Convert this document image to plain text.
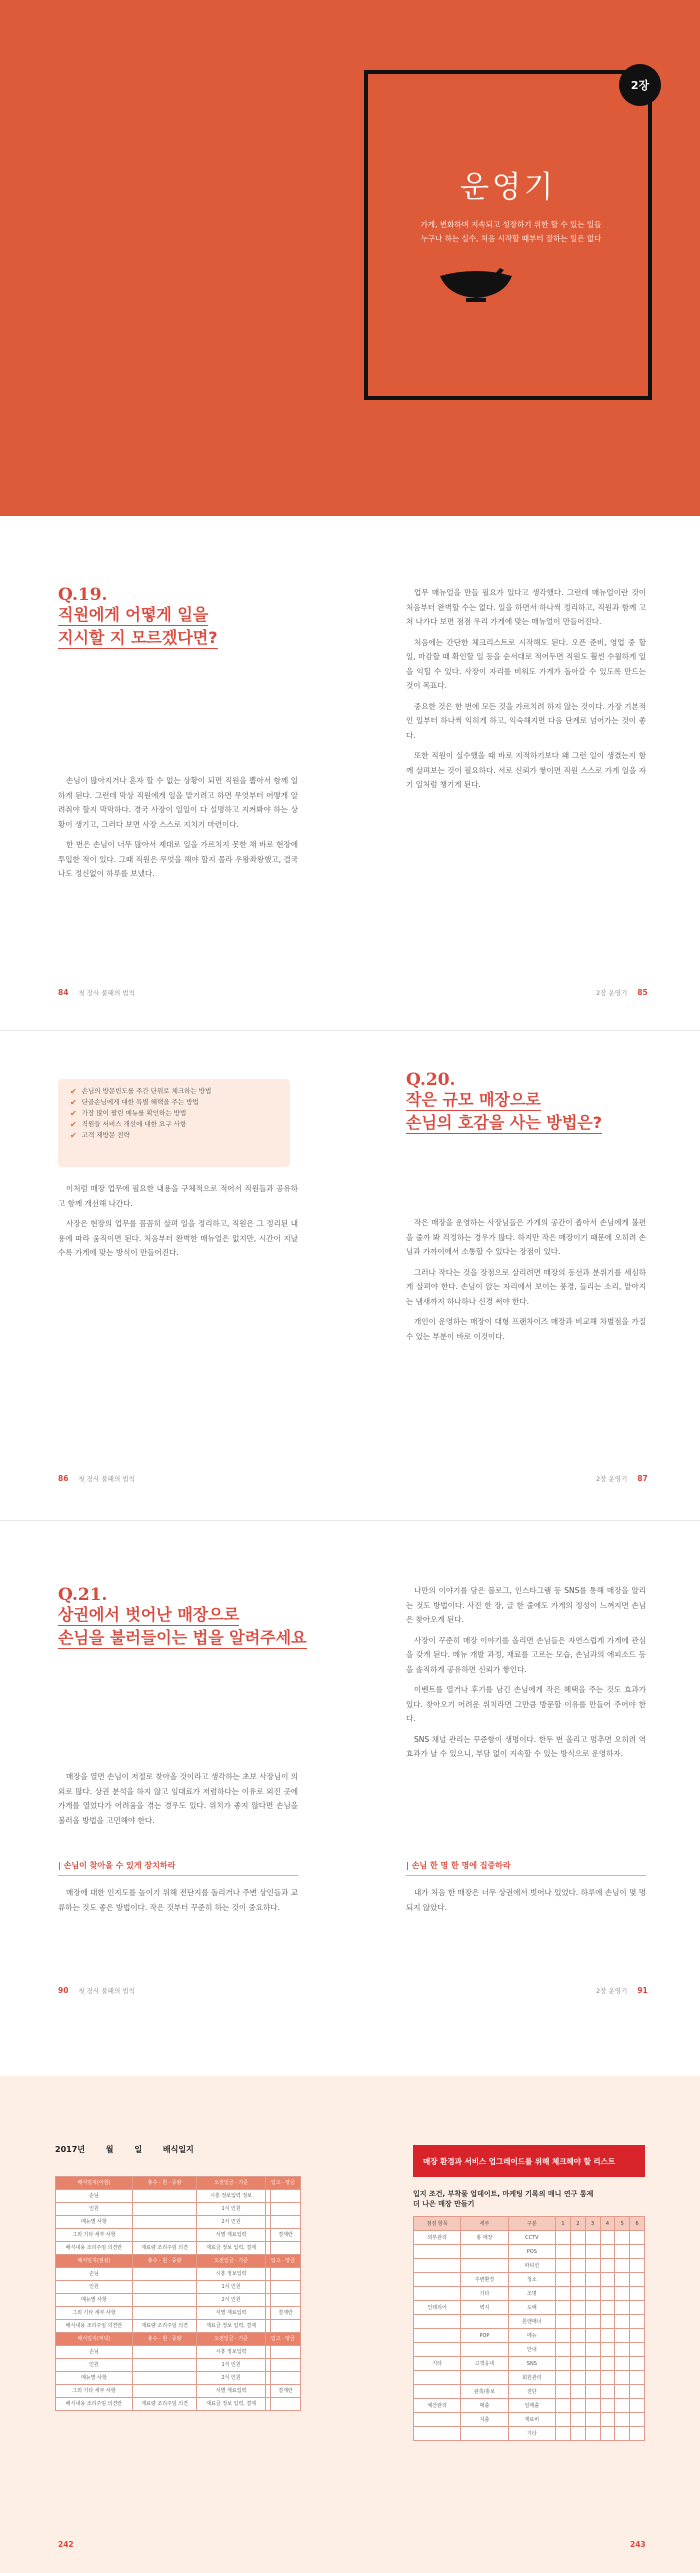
2장
운영기
가게, 변화하며 지속되고 성장하기 위한 할 수 있는 일들
누구나 하는 실수, 처음 시작할 때부터 잘하는 일은 없다
Q.19.
직원에게 어떻게 일을
지시할 지 모르겠다면?

손님이 많아지거나 혼자 할 수 없는 상황이 되면 직원을 뽑아서 함께 일하게 된다. 그런데 막상 직원에게 일을 맡기려고 하면 무엇부터 어떻게 알려줘야 할지 막막하다. 경국 사장이 일일이 다 설명하고 지켜봐야 하는 상황이 생기고, 그러다 보면 사장 스스로 지치기 마련이다.

한 번은 손님이 너무 많아서 제대로 일을 가르치지 못한 채 바로 현장에 투입한 적이 있다. 그때 직원은 무엇을 해야 할지 몰라 우왕좌왕했고, 결국 나도 정신없이 하루를 보냈다.

업무 매뉴얼을 만들 필요가 있다고 생각했다. 그런데 매뉴얼이란 것이 처음부터 완벽할 수는 없다. 일을 하면서 하나씩 정리하고, 직원과 함께 고쳐 나가다 보면 점점 우리 가게에 맞는 매뉴얼이 만들어진다.

처음에는 간단한 체크리스트로 시작해도 된다. 오픈 준비, 영업 중 할 일, 마감할 때 확인할 일 등을 순서대로 적어두면 직원도 훨씬 수월하게 일을 익힐 수 있다. 사장이 자리를 비워도 가게가 돌아갈 수 있도록 만드는 것이 목표다.

중요한 것은 한 번에 모든 것을 가르치려 하지 않는 것이다. 가장 기본적인 일부터 하나씩 익히게 하고, 익숙해지면 다음 단계로 넘어가는 것이 좋다.

또한 직원이 실수했을 때 바로 지적하기보다 왜 그런 일이 생겼는지 함께 살펴보는 것이 필요하다. 서로 신뢰가 쌓이면 직원 스스로 가게 일을 자기 일처럼 챙기게 된다.

84 첫 장사 불패의 법칙	2장 운영기 85
✔ 손님의 방문빈도를 주간 단위로 체크하는 방법
✔ 단골손님에게 대한 특별 혜택을 주는 방법
✔ 가장 많이 팔린 메뉴를 확인하는 방법
✔ 직원들 서비스 개선에 대한 요구 사항
✔ 고객 재방문 전략

이처럼 매장 업무에 필요한 내용을 구체적으로 적어서 직원들과 공유하고 함께 개선해 나간다.

사장은 현장의 업무를 꼼꼼히 살펴 일을 정리하고, 직원은 그 정리된 내용에 따라 움직이면 된다. 처음부터 완벽한 매뉴얼은 없지만, 시간이 지날수록 가게에 맞는 방식이 만들어진다.

Q.20.
작은 규모 매장으로
손님의 호감을 사는 방법은?

작은 매장을 운영하는 사장님들은 가게의 공간이 좁아서 손님에게 불편을 줄까 봐 걱정하는 경우가 많다. 하지만 작은 매장이기 때문에 오히려 손님과 가까이에서 소통할 수 있다는 장점이 있다.

그러나 작다는 것을 장점으로 살리려면 매장의 동선과 분위기를 세심하게 살펴야 한다. 손님이 앉는 자리에서 보이는 풍경, 들리는 소리, 맡아지는 냄새까지 하나하나 신경 써야 한다.

개인이 운영하는 매장이 대형 프랜차이즈 매장과 비교해 차별점을 가질 수 있는 부분이 바로 이것이다.

86 첫 장사 불패의 법칙	2장 운영기 87
Q.21.
상권에서 벗어난 매장으로
손님을 불러들이는 법을 알려주세요

매장을 열면 손님이 저절로 찾아올 것이라고 생각하는 초보 사장님이 의외로 많다. 상권 분석을 하지 않고 임대료가 저렴하다는 이유로 외진 곳에 가게를 열었다가 어려움을 겪는 경우도 있다. 위치가 좋지 않다면 손님을 불러올 방법을 고민해야 한다.

| 손님이 찾아올 수 있게 장치하라

매장에 대한 인지도를 높이기 위해 전단지를 돌리거나 주변 상인들과 교류하는 것도 좋은 방법이다. 작은 것부터 꾸준히 하는 것이 중요하다.

나만의 이야기를 담은 블로그, 인스타그램 등 SNS를 통해 매장을 알리는 것도 방법이다. 사진 한 장, 글 한 줄에도 가게의 정성이 느껴지면 손님은 찾아오게 된다.

사장이 꾸준히 매장 이야기를 올리면 손님들은 자연스럽게 가게에 관심을 갖게 된다. 메뉴 개발 과정, 재료를 고르는 모습, 손님과의 에피소드 등을 솔직하게 공유하면 신뢰가 쌓인다.

이벤트를 열거나 후기를 남긴 손님에게 작은 혜택을 주는 것도 효과가 있다. 찾아오기 어려운 위치라면 그만큼 방문할 이유를 만들어 주어야 한다.

SNS 채널 관리는 꾸준함이 생명이다. 한두 번 올리고 멈추면 오히려 역효과가 날 수 있으니, 부담 없이 지속할 수 있는 방식으로 운영하자.

| 손님 한 명 한 명에 집중하라

내가 처음 한 매장은 너무 상권에서 벗어나 있었다. 하루에 손님이 몇 명 되지 않았다.

90 첫 장사 불패의 법칙	2장 운영기 91
2017년	월	일	배식일지
배식일지(아침)	총수 · 원 · 중량	오전입금 · 기준	입고 · 양금	
손님		시흥 정보입력 정보		
인원		1식 인원		
메뉴별 사항		2식 인원		
그외 기타 세부 사항		식별 재료입력		결재란
배식내용 조리주임 의견란	재료량 조리주임 의견	재료금 정보 입력, 결제		
배식일지(점심)	총수 · 원 · 중량	오전입금 · 기준	입고 · 양금	
손님		시흥 정보입력		
인원		1식 인원		
메뉴별 사항		2식 인원		
그외 기타 세부 사항		식별 재료입력		결재란
배식내용 조리주임 의견란	재료량 조리주임 의견	재료금 정보 입력, 결제		
배식일지(저녁)	총수 · 원 · 중량	오전입금 · 기준	입고 · 양금	
손님		시흥 정보입력		
인원		1식 인원		
메뉴별 사항		2식 인원		
그외 기타 세부 사항		식별 재료입력		결재란
배식내용 조리주임 의견란	재료량 조리주임 의견	재료금 정보 입력, 결제		
매장 환경과 서비스 업그레이드를 위해 체크해야 할 리스트
입지 조건, 부착물 업데이트, 마케팅 기록의 매니 연구 통제
더 나은 매장 만들기
점검 항목	세부	구분	1	2	3	4	5	6
외부관리	홍 매장	CCTV						
		POS						
		파티션						
	주변환경	청소						
	기타	조명						
인테리어	벽지	도배						
		톤앤매너						
	POP	메뉴						
		안내						
기타	고객응대	SNS						
		회원관리						
	판촉/홍보	전단						
예산관리	매출	일매출						
	지출	재료비						
		기타						
242	243
